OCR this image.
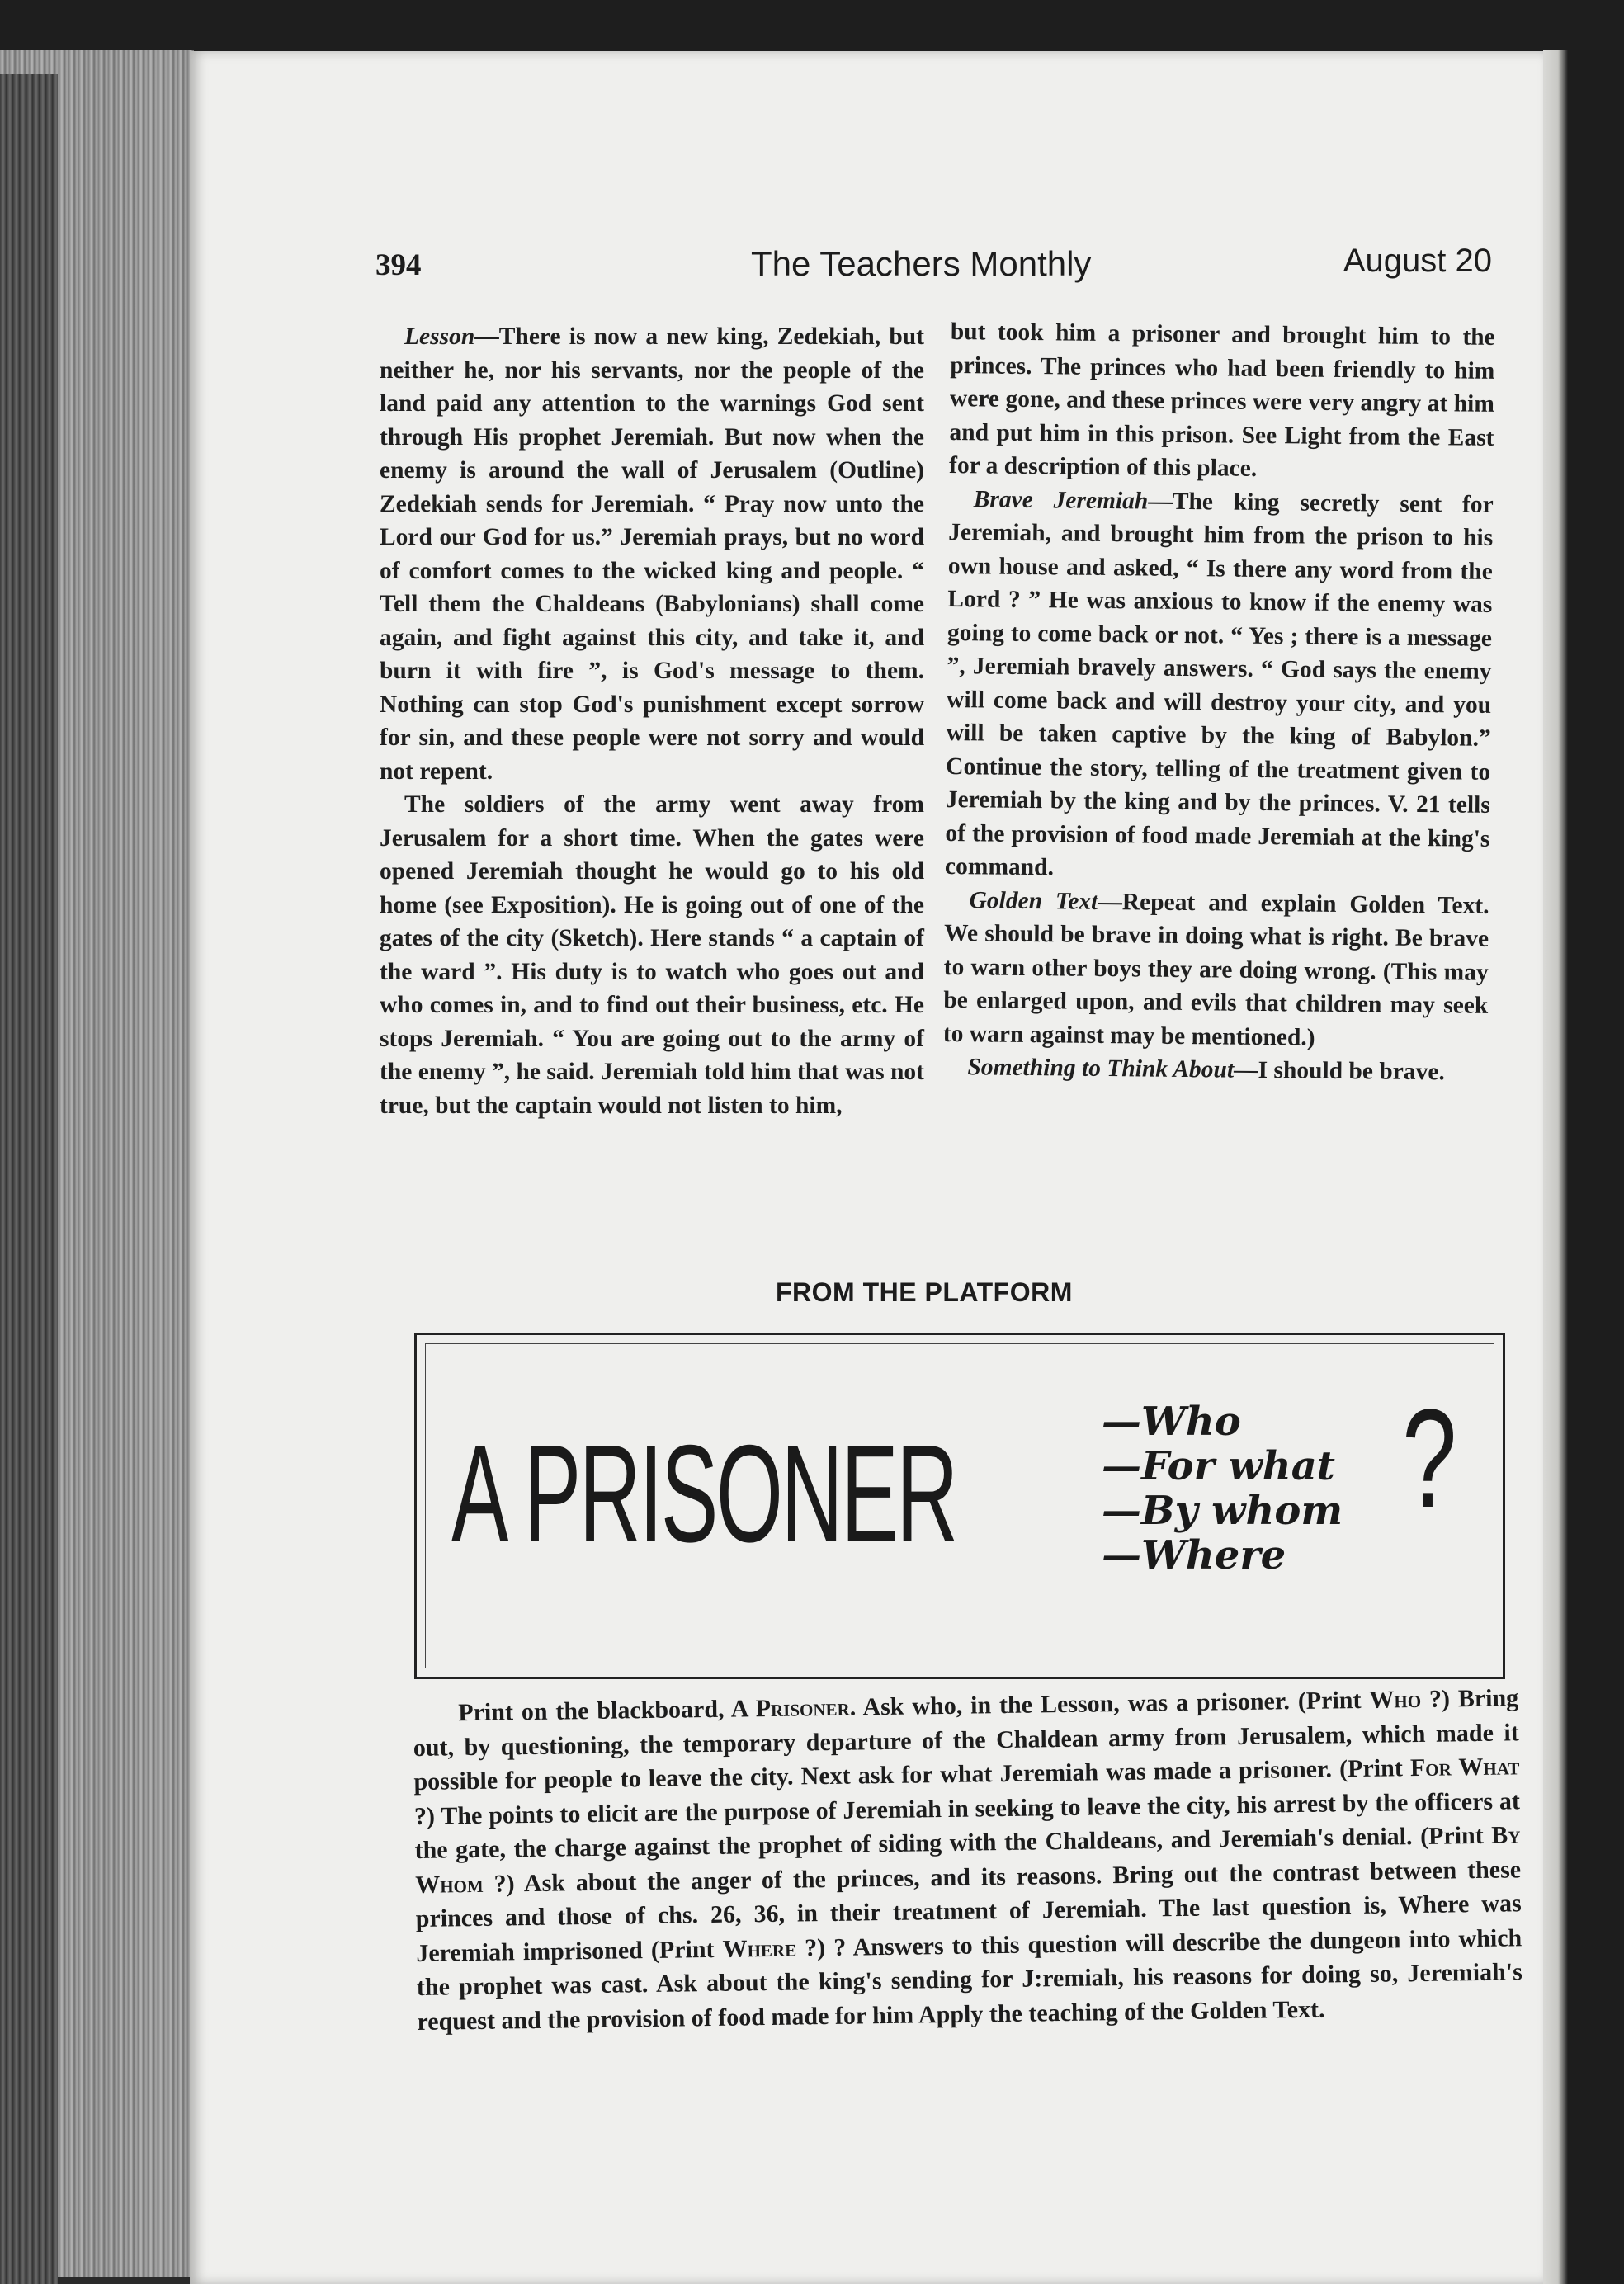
394	The Teachers Monthly	August 20

Lesson—There is now a new king, Zedekiah, but neither he, nor his servants, nor the people of the land paid any attention to the warnings God sent through His prophet Jeremiah. But now when the enemy is around the wall of Jerusalem (Outline) Zedekiah sends for Jeremiah. “ Pray now unto the Lord our God for us.” Jeremiah prays, but no word of comfort comes to the wicked king and people. “ Tell them the Chaldeans (Babylonians) shall come again, and fight against this city, and take it, and burn it with fire ”, is God's message to them. Nothing can stop God's punishment except sorrow for sin, and these people were not sorry and would not repent.

The soldiers of the army went away from Jerusalem for a short time. When the gates were opened Jeremiah thought he would go to his old home (see Exposition). He is going out of one of the gates of the city (Sketch). Here stands “ a captain of the ward ”. His duty is to watch who goes out and who comes in, and to find out their business, etc. He stops Jeremiah. “ You are going out to the army of the enemy ”, he said. Jeremiah told him that was not true, but the captain would not listen to him,

but took him a prisoner and brought him to the princes. The princes who had been friendly to him were gone, and these princes were very angry at him and put him in this prison. See Light from the East for a description of this place.

Brave Jeremiah—The king secretly sent for Jeremiah, and brought him from the prison to his own house and asked, “ Is there any word from the Lord ? ” He was anxious to know if the enemy was going to come back or not. “ Yes ; there is a message ”, Jeremiah bravely answers. “ God says the enemy will come back and will destroy your city, and you will be taken captive by the king of Babylon.” Continue the story, telling of the treatment given to Jeremiah by the king and by the princes. V. 21 tells of the provision of food made Jeremiah at the king's command.

Golden Text—Repeat and explain Golden Text. We should be brave in doing what is right. Be brave to warn other boys they are doing wrong. (This may be enlarged upon, and evils that children may seek to warn against may be mentioned.)

Something to Think About—I should be brave.

FROM THE PLATFORM
A PRISONER	—Who
—For what
—By whom
—Where
?
Print on the blackboard, A Prisoner. Ask who, in the Lesson, was a prisoner. (Print Who ?) Bring out, by questioning, the temporary departure of the Chaldean army from Jerusalem, which made it possible for people to leave the city. Next ask for what Jeremiah was made a prisoner. (Print For What ?) The points to elicit are the purpose of Jeremiah in seeking to leave the city, his arrest by the officers at the gate, the charge against the prophet of siding with the Chaldeans, and Jeremiah's denial. (Print By Whom ?) Ask about the anger of the princes, and its reasons. Bring out the contrast between these princes and those of chs. 26, 36, in their treatment of Jeremiah. The last question is, Where was Jeremiah imprisoned (Print Where ?) ? Answers to this question will describe the dungeon into which the prophet was cast. Ask about the king's sending for J:remiah, his reasons for doing so, Jeremiah's request and the provision of food made for him Apply the teaching of the Golden Text.
